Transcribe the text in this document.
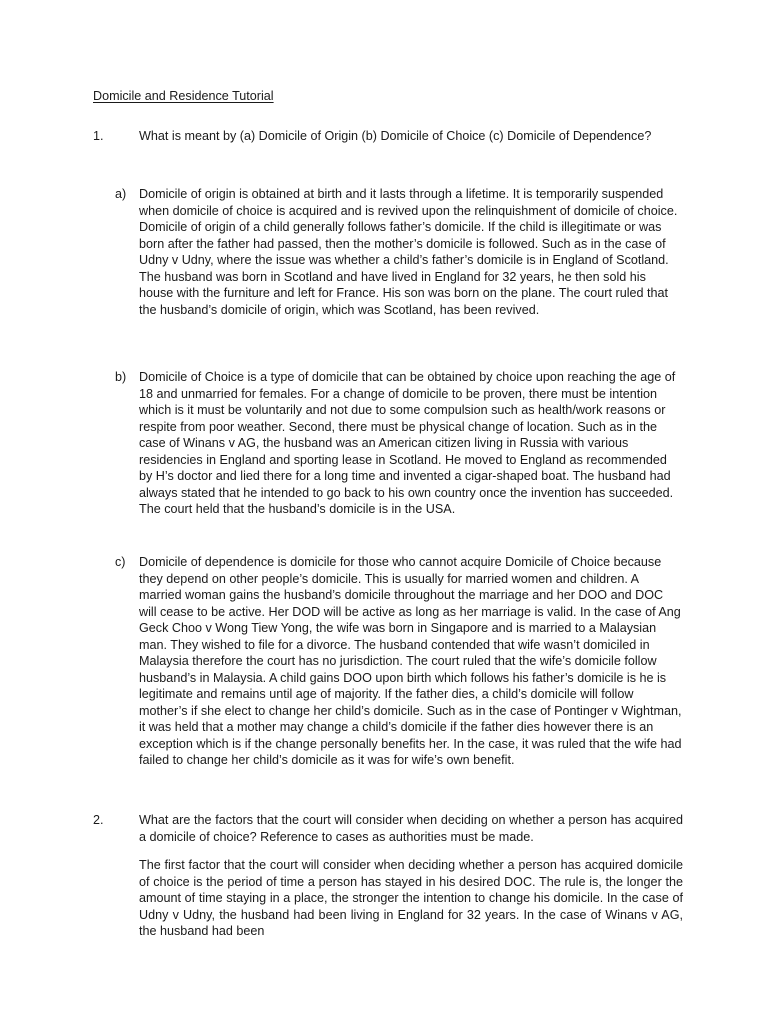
Domicile and Residence Tutorial
1.	What is meant by (a) Domicile of Origin (b) Domicile of Choice (c) Domicile of Dependence?
a) Domicile of origin is obtained at birth and it lasts through a lifetime. It is temporarily suspended when domicile of choice is acquired and is revived upon the relinquishment of domicile of choice. Domicile of origin of a child generally follows father’s domicile. If the child is illegitimate or was born after the father had passed, then the mother’s domicile is followed. Such as in the case of Udny v Udny, where the issue was whether a child’s father’s domicile is in England of Scotland. The husband was born in Scotland and have lived in England for 32 years, he then sold his house with the furniture and left for France. His son was born on the plane. The court ruled that the husband’s domicile of origin, which was Scotland, has been revived.
b) Domicile of Choice is a type of domicile that can be obtained by choice upon reaching the age of 18 and unmarried for females. For a change of domicile to be proven, there must be intention which is it must be voluntarily and not due to some compulsion such as health/work reasons or respite from poor weather. Second, there must be physical change of location. Such as in the case of Winans v AG, the husband was an American citizen living in Russia with various residencies in England and sporting lease in Scotland. He moved to England as recommended by H’s doctor and lied there for a long time and invented a cigar-shaped boat. The husband had always stated that he intended to go back to his own country once the invention has succeeded. The court held that the husband’s domicile is in the USA.
c) Domicile of dependence is domicile for those who cannot acquire Domicile of Choice because they depend on other people’s domicile. This is usually for married women and children. A married woman gains the husband’s domicile throughout the marriage and her DOO and DOC will cease to be active. Her DOD will be active as long as her marriage is valid. In the case of Ang Geck Choo v Wong Tiew Yong, the wife was born in Singapore and is married to a Malaysian man. They wished to file for a divorce. The husband contended that wife wasn’t domiciled in Malaysia therefore the court has no jurisdiction. The court ruled that the wife’s domicile follow husband’s in Malaysia. A child gains DOO upon birth which follows his father’s domicile is he is legitimate and remains until age of majority. If the father dies, a child’s domicile will follow mother’s if she elect to change her child’s domicile. Such as in the case of Pontinger v Wightman, it was held that a mother may change a child’s domicile if the father dies however there is an exception which is if the change personally benefits her. In the case, it was ruled that the wife had failed to change her child’s domicile as it was for wife’s own benefit.
2.	What are the factors that the court will consider when deciding on whether a person has acquired a domicile of choice? Reference to cases as authorities must be made.
The first factor that the court will consider when deciding whether a person has acquired domicile of choice is the period of time a person has stayed in his desired DOC. The rule is, the longer the amount of time staying in a place, the stronger the intention to change his domicile. In the case of Udny v Udny, the husband had been living in England for 32 years. In the case of Winans v AG, the husband had been
